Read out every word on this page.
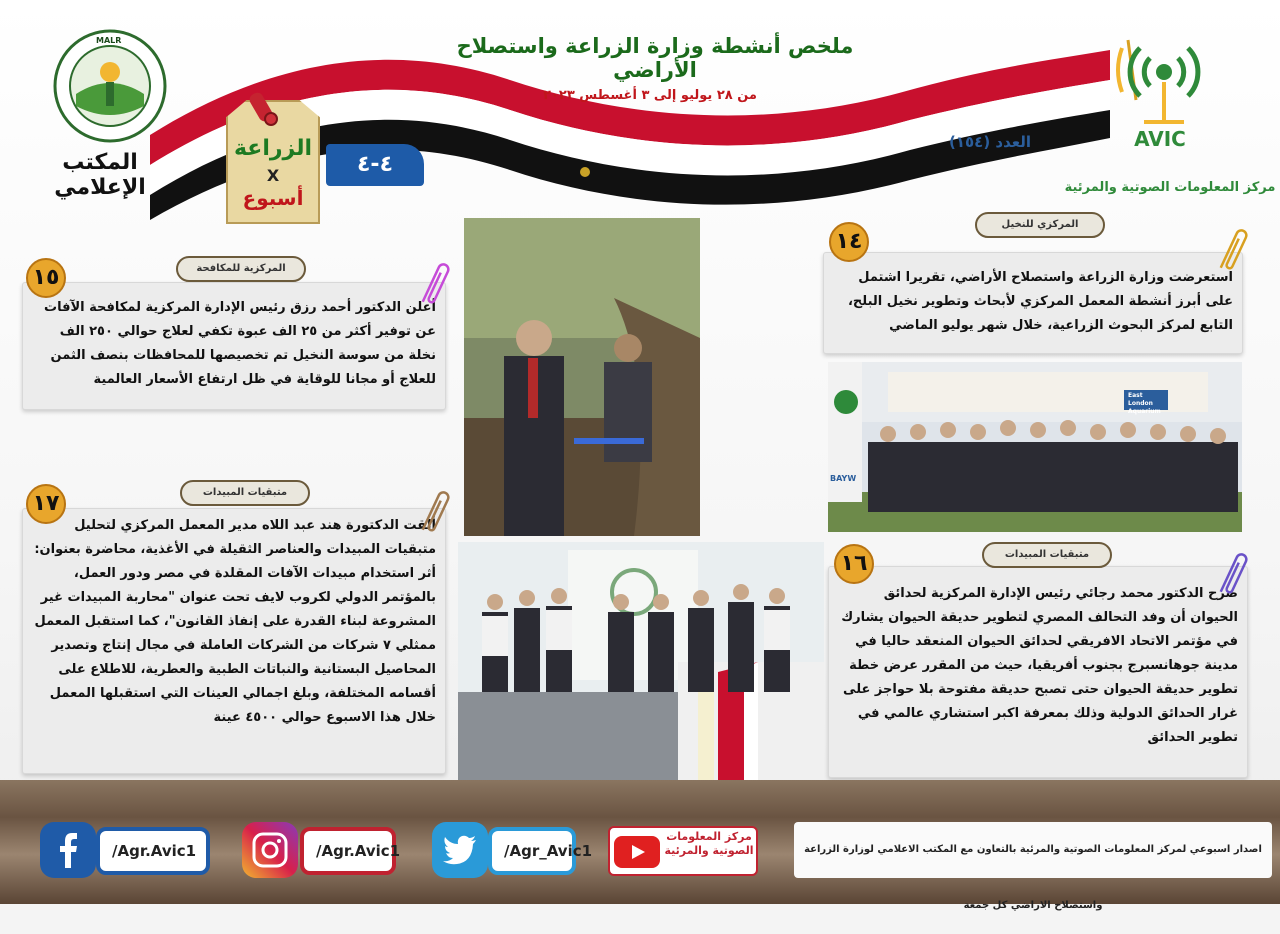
ملخص أنشطة وزارة الزراعة واستصلاح الأراضي
من ٢٨ يوليو إلى ٣ أغسطس ٢٠٢٣
العدد (١٥٤)
MALR
المكتب الإعلامي
الزراعة
X
أسبوع
٤-٤
AVIC
مركز المعلومات الصوتية والمرئية
استعرضت وزارة الزراعة واستصلاح الأراضي، تقريرا اشتمل على أبرز أنشطة المعمل المركزي لأبحاث وتطوير نخيل البلح، التابع لمركز البحوث الزراعية، خلال شهر يوليو الماضي
المركزي للنخيل
١٤
أعلن الدكتور أحمد رزق رئيس الإدارة المركزية لمكافحة الآفات عن توفير أكثر من ٢٥ الف عبوة تكفي لعلاج حوالي ٢٥٠ الف نخلة من سوسة النخيل تم تخصيصها للمحافظات بنصف الثمن للعلاج أو مجانا للوقاية في ظل ارتفاع الأسعار العالمية
المركزية للمكافحة
١٥
ألقت الدكتورة هند عبد اللاه مدير المعمل المركزي لتحليل متبقيات المبيدات والعناصر الثقيلة في الأغذية، محاضرة بعنوان: أثر استخدام مبيدات الآفات المقلدة في مصر ودور العمل، بالمؤتمر الدولي لكروب لايف تحت عنوان "محاربة المبيدات غير المشروعة لبناء القدرة على إنفاذ القانون"، كما استقبل المعمل ممثلي ٧ شركات من الشركات العاملة في مجال إنتاج وتصدير المحاصيل البستانية والنباتات الطبية والعطرية، للاطلاع على أقسامه المختلفة، وبلغ اجمالي العينات التي استقبلها المعمل خلال هذا الاسبوع حوالي ٤٥٠٠ عينة
متبقيات المبيدات
١٧
صرح الدكتور محمد رجائي رئيس الإدارة المركزية لحدائق الحيوان أن وفد التحالف المصري لتطوير حديقة الحيوان يشارك في مؤتمر الاتحاد الافريقي لحدائق الحيوان المنعقد حاليا في مدينة جوهانسبرج بجنوب أفريقيا، حيث من المقرر عرض خطة تطوير حديقة الحيوان حتى تصبح حديقة مفتوحة بلا حواجز على غرار الحدائق الدولية وذلك بمعرفة اكبر استشاري عالمي في تطوير الحدائق
متبقيات المبيدات
١٦
East London Aquarium
BAYW
/Agr.Avic1	/Agr.Avic1	/Agr_Avic1
مركز المعلومات الصوتية والمرئية	اصدار اسبوعي لمركز المعلومات الصوتية والمرئية بالتعاون مع المكتب الاعلامي لوزارة الزراعة واستصلاح الاراضي كل جمعة
